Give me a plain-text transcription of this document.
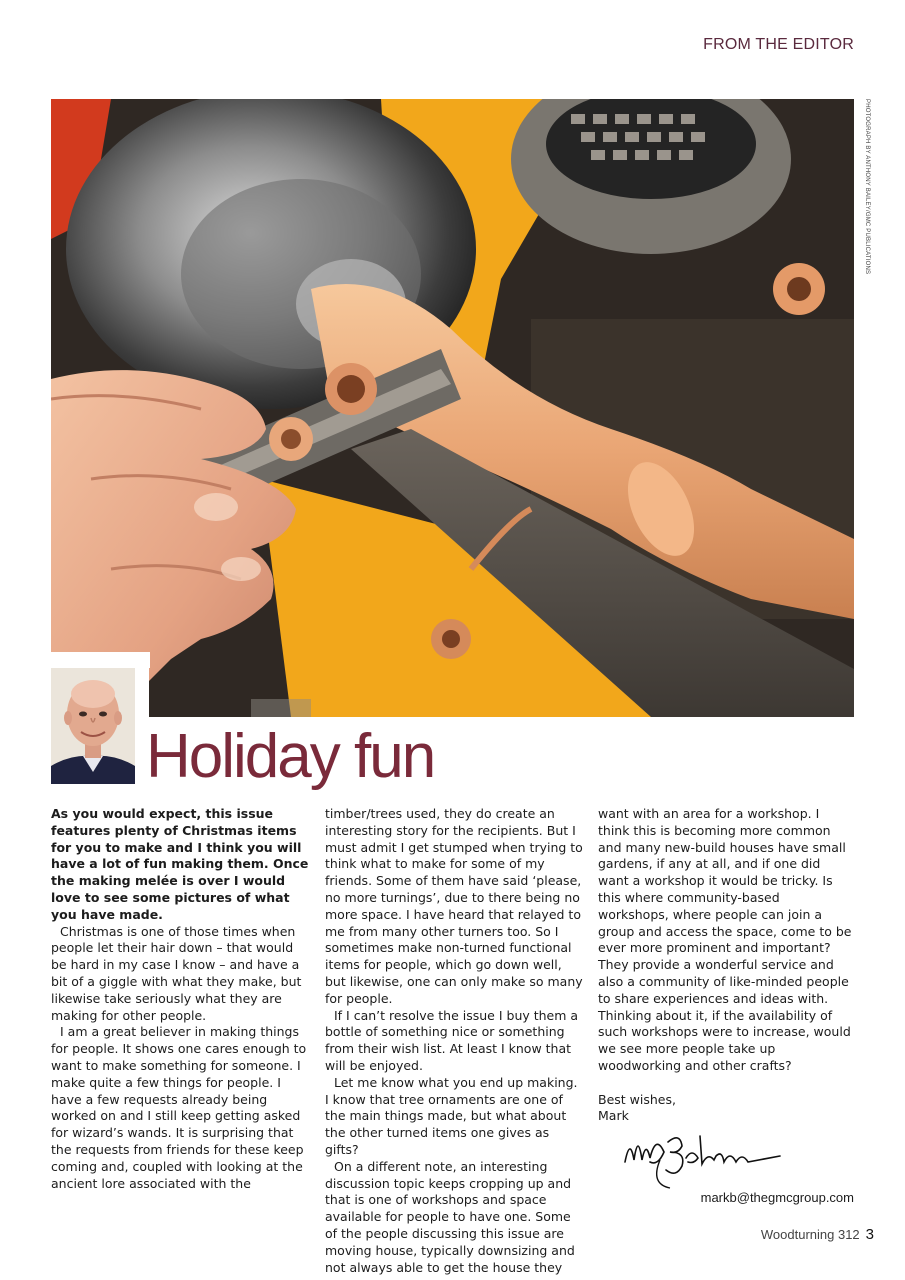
FROM THE EDITOR
PHOTOGRAPH BY ANTHONY BAILEY/GMC PUBLICATIONS
Holiday fun

As you would expect, this issue features plenty of Christmas items for you to make and I think you will have a lot of fun making them. Once the making melée is over I would love to see some pictures of what you have made.

Christmas is one of those times when people let their hair down – that would be hard in my case I know – and have a bit of a giggle with what they make, but likewise take seriously what they are making for other people.

I am a great believer in making things for people. It shows one cares enough to want to make something for someone. I make quite a few things for people. I have a few requests already being worked on and I still keep getting asked for wizard’s wands. It is surprising that the requests from friends for these keep coming and, coupled with looking at the ancient lore associated with the

timber/trees used, they do create an interesting story for the recipients. But I must admit I get stumped when trying to think what to make for some of my friends. Some of them have said ‘please, no more turnings’, due to there being no more space. I have heard that relayed to me from many other turners too. So I sometimes make non-turned functional items for people, which go down well, but likewise, one can only make so many for people.

If I can’t resolve the issue I buy them a bottle of something nice or something from their wish list. At least I know that will be enjoyed.

Let me know what you end up making. I know that tree ornaments are one of the main things made, but what about the other turned items one gives as gifts?

On a different note, an interesting discussion topic keeps cropping up and that is one of workshops and space available for people to have one. Some of the people discussing this issue are moving house, typically downsizing and not always able to get the house they

want with an area for a workshop. I think this is becoming more common and many new-build houses have small gardens, if any at all, and if one did want a workshop it would be tricky. Is this where community-based workshops, where people can join a group and access the space, come to be ever more prominent and important? They provide a wonderful service and also a community of like-minded people to share experiences and ideas with. Thinking about it, if the availability of such workshops were to increase, would we see more people take up woodworking and other crafts?

Best wishes,

Mark

markb@thegmcgroup.com
Woodturning 312 3
